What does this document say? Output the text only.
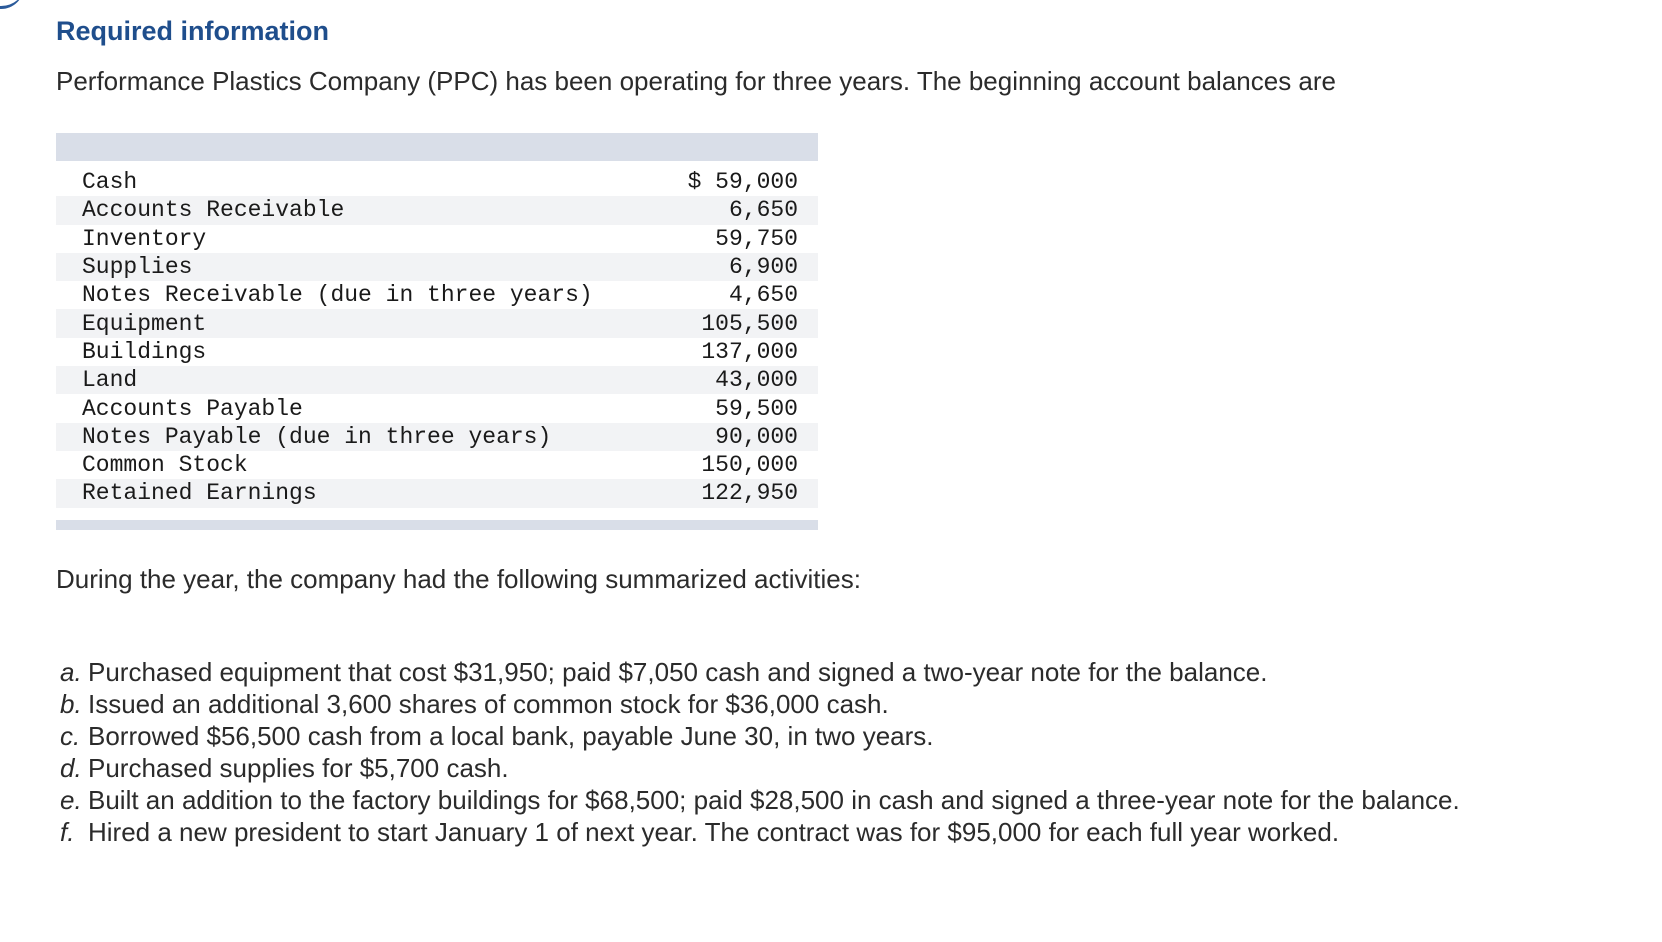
Required information

Performance Plastics Company (PPC) has been operating for three years. The beginning account balances are

Cash	$ 59,000
Accounts Receivable	6,650
Inventory	59,750
Supplies	6,900
Notes Receivable (due in three years)	4,650
Equipment	105,500
Buildings	137,000
Land	43,000
Accounts Payable	59,500
Notes Payable (due in three years)	90,000
Common Stock	150,000
Retained Earnings	122,950

During the year, the company had the following summarized activities:

a. Purchased equipment that cost $31,950; paid $7,050 cash and signed a two-year note for the balance.
b. Issued an additional 3,600 shares of common stock for $36,000 cash.
c. Borrowed $56,500 cash from a local bank, payable June 30, in two years.
d. Purchased supplies for $5,700 cash.
e. Built an addition to the factory buildings for $68,500; paid $28,500 in cash and signed a three-year note for the balance.
f. Hired a new president to start January 1 of next year. The contract was for $95,000 for each full year worked.
